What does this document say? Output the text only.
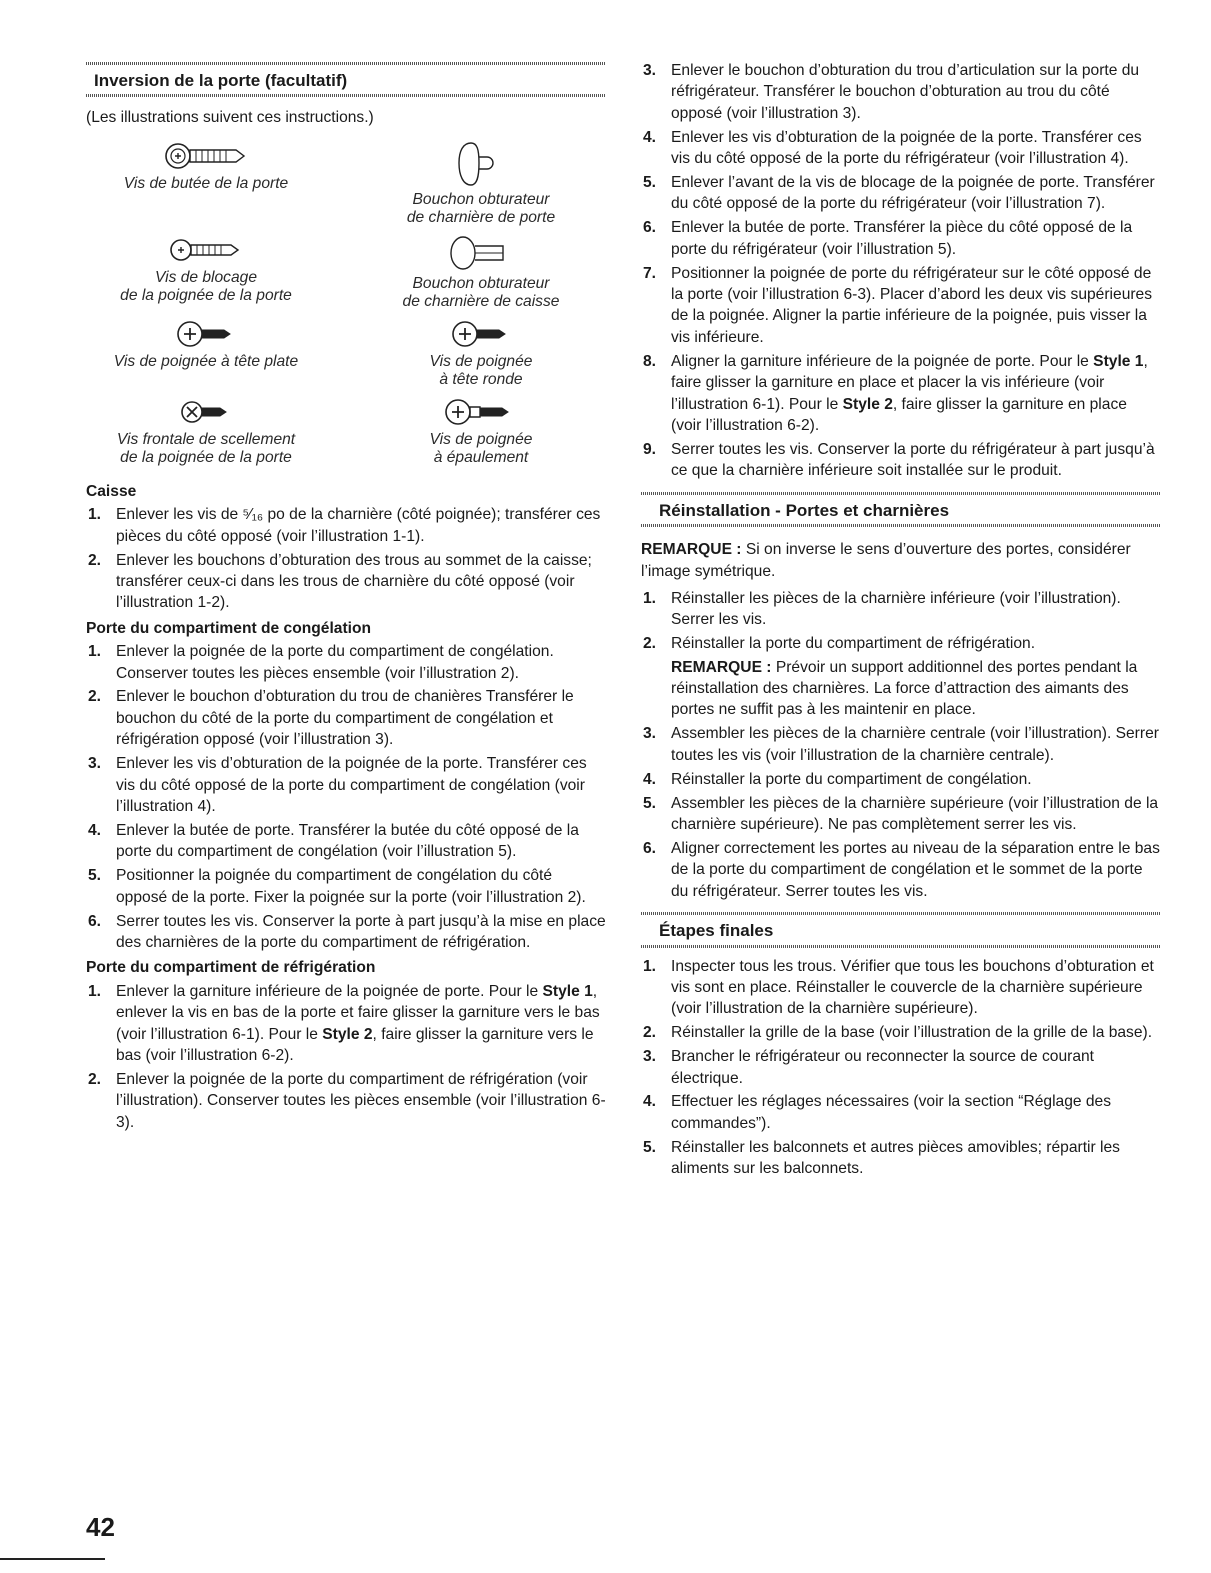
Inversion de la porte (facultatif)
(Les illustrations suivent ces instructions.)
Vis de butée de la porte
Bouchon obturateur
de charnière de porte
Vis de blocage
de la poignée de la porte
Bouchon obturateur
de charnière de caisse
Vis de poignée à tête plate	Vis de poignée
à tête ronde
Vis frontale de scellement
de la poignée de la porte
Vis de poignée
à épaulement
Caisse
1. Enlever les vis de ⁵⁄₁₆ po de la charnière (côté poignée); transférer ces pièces du côté opposé (voir l’illustration 1-1).
2. Enlever les bouchons d’obturation des trous au sommet de la caisse; transférer ceux-ci dans les trous de charnière du côté opposé (voir l’illustration 1-2).
Porte du compartiment de congélation
1. Enlever la poignée de la porte du compartiment de congélation. Conserver toutes les pièces ensemble (voir l’illustration 2).
2. Enlever le bouchon d’obturation du trou de chanières Transférer le bouchon du côté de la porte du compartiment de congélation et réfrigération opposé (voir l’illustration 3).
3. Enlever les vis d’obturation de la poignée de la porte. Transférer ces vis du côté opposé de la porte du compartiment de congélation (voir l’illustration 4).
4. Enlever la butée de porte. Transférer la butée du côté opposé de la porte du compartiment de congélation (voir l’illustration 5).
5. Positionner la poignée du compartiment de congélation du côté opposé de la porte. Fixer la poignée sur la porte (voir l’illustration 2).
6. Serrer toutes les vis. Conserver la porte à part jusqu’à la mise en place des charnières de la porte du compartiment de réfrigération.
Porte du compartiment de réfrigération
1. Enlever la garniture inférieure de la poignée de porte. Pour le Style 1, enlever la vis en bas de la porte et faire glisser la garniture vers le bas (voir l’illustration 6-1). Pour le Style 2, faire glisser la garniture vers le bas (voir l’illustration 6-2).
2. Enlever la poignée de la porte du compartiment de réfrigération (voir l’illustration). Conserver toutes les pièces ensemble (voir l’illustration 6-3).
3. Enlever le bouchon d’obturation du trou d’articulation sur la porte du réfrigérateur. Transférer le bouchon d’obturation au trou du côté opposé (voir l’illustration 3).
4. Enlever les vis d’obturation de la poignée de la porte. Transférer ces vis du côté opposé de la porte du réfrigérateur (voir l’illustration 4).
5. Enlever l’avant de la vis de blocage de la poignée de porte. Transférer du côté opposé de la porte du réfrigérateur (voir l’illustration 7).
6. Enlever la butée de porte. Transférer la pièce du côté opposé de la porte du réfrigérateur (voir l’illustration 5).
7. Positionner la poignée de porte du réfrigérateur sur le côté opposé de la porte (voir l’illustration 6-3). Placer d’abord les deux vis supérieures de la poignée. Aligner la partie inférieure de la poignée, puis visser la vis inférieure.
8. Aligner la garniture inférieure de la poignée de porte. Pour le Style 1, faire glisser la garniture en place et placer la vis inférieure (voir l’illustration 6-1). Pour le Style 2, faire glisser la garniture en place (voir l’illustration 6-2).
9. Serrer toutes les vis. Conserver la porte du réfrigérateur à part jusqu’à ce que la charnière inférieure soit installée sur le produit.
Réinstallation - Portes et charnières
REMARQUE : Si on inverse le sens d’ouverture des portes, considérer l’image symétrique.
1. Réinstaller les pièces de la charnière inférieure (voir l’illustration). Serrer les vis.
2. Réinstaller la porte du compartiment de réfrigération.
REMARQUE : Prévoir un support additionnel des portes pendant la réinstallation des charnières. La force d’attraction des aimants des portes ne suffit pas à les maintenir en place.
3. Assembler les pièces de la charnière centrale (voir l’illustration). Serrer toutes les vis (voir l’illustration de la charnière centrale).
4. Réinstaller la porte du compartiment de congélation.
5. Assembler les pièces de la charnière supérieure (voir l’illustration de la charnière supérieure). Ne pas complètement serrer les vis.
6. Aligner correctement les portes au niveau de la séparation entre le bas de la porte du compartiment de congélation et le sommet de la porte du réfrigérateur. Serrer toutes les vis.
Étapes finales
1. Inspecter tous les trous. Vérifier que tous les bouchons d’obturation et vis sont en place. Réinstaller le couvercle de la charnière supérieure (voir l’illustration de la charnière supérieure).
2. Réinstaller la grille de la base (voir l’illustration de la grille de la base).
3. Brancher le réfrigérateur ou reconnecter la source de courant électrique.
4. Effectuer les réglages nécessaires (voir la section “Réglage des commandes”).
5. Réinstaller les balconnets et autres pièces amovibles; répartir les aliments sur les balconnets.
42
